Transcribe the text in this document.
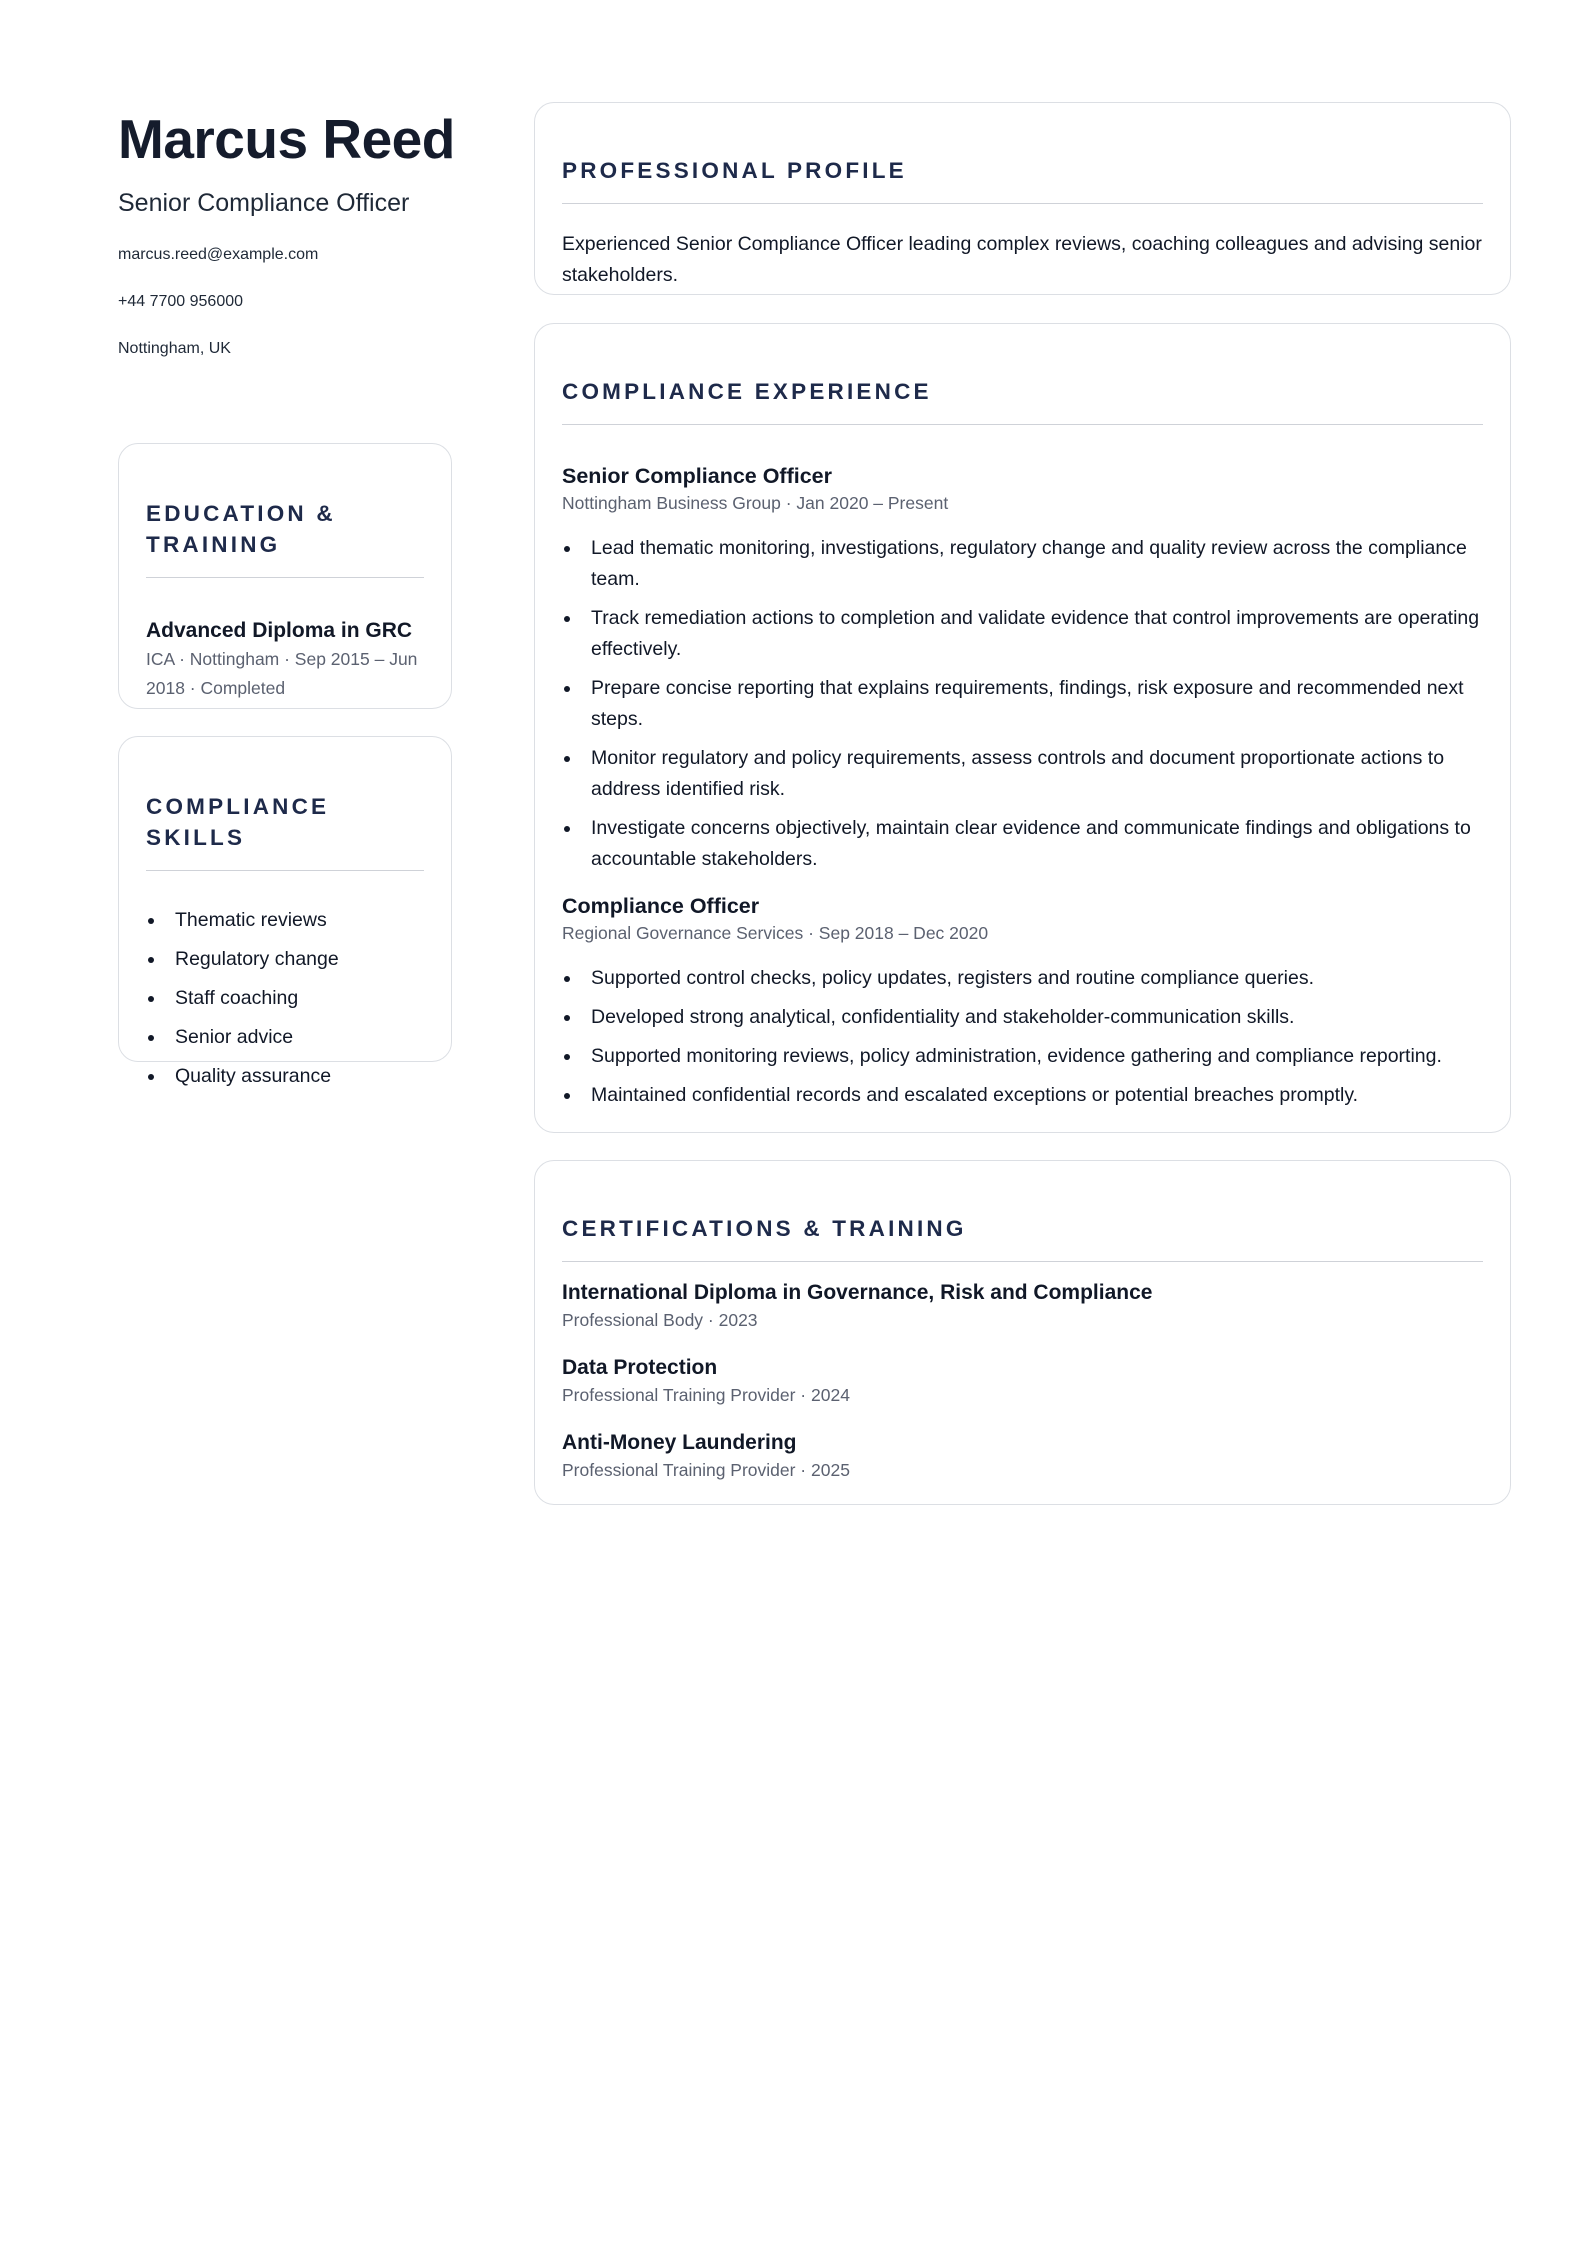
Marcus Reed
Senior Compliance Officer
marcus.reed@example.com
+44 7700 956000
Nottingham, UK
EDUCATION & TRAINING
Advanced Diploma in GRC
ICA · Nottingham · Sep 2015 – Jun 2018 · Completed
COMPLIANCE SKILLS
Thematic reviews
Regulatory change
Staff coaching
Senior advice
Quality assurance
PROFESSIONAL PROFILE
Experienced Senior Compliance Officer leading complex reviews, coaching colleagues and advising senior stakeholders.
COMPLIANCE EXPERIENCE
Senior Compliance Officer
Nottingham Business Group · Jan 2020 – Present
Lead thematic monitoring, investigations, regulatory change and quality review across the compliance team.
Track remediation actions to completion and validate evidence that control improvements are operating effectively.
Prepare concise reporting that explains requirements, findings, risk exposure and recommended next steps.
Monitor regulatory and policy requirements, assess controls and document proportionate actions to address identified risk.
Investigate concerns objectively, maintain clear evidence and communicate findings and obligations to accountable stakeholders.
Compliance Officer
Regional Governance Services · Sep 2018 – Dec 2020
Supported control checks, policy updates, registers and routine compliance queries.
Developed strong analytical, confidentiality and stakeholder-communication skills.
Supported monitoring reviews, policy administration, evidence gathering and compliance reporting.
Maintained confidential records and escalated exceptions or potential breaches promptly.
CERTIFICATIONS & TRAINING
International Diploma in Governance, Risk and Compliance
Professional Body · 2023
Data Protection
Professional Training Provider · 2024
Anti-Money Laundering
Professional Training Provider · 2025
